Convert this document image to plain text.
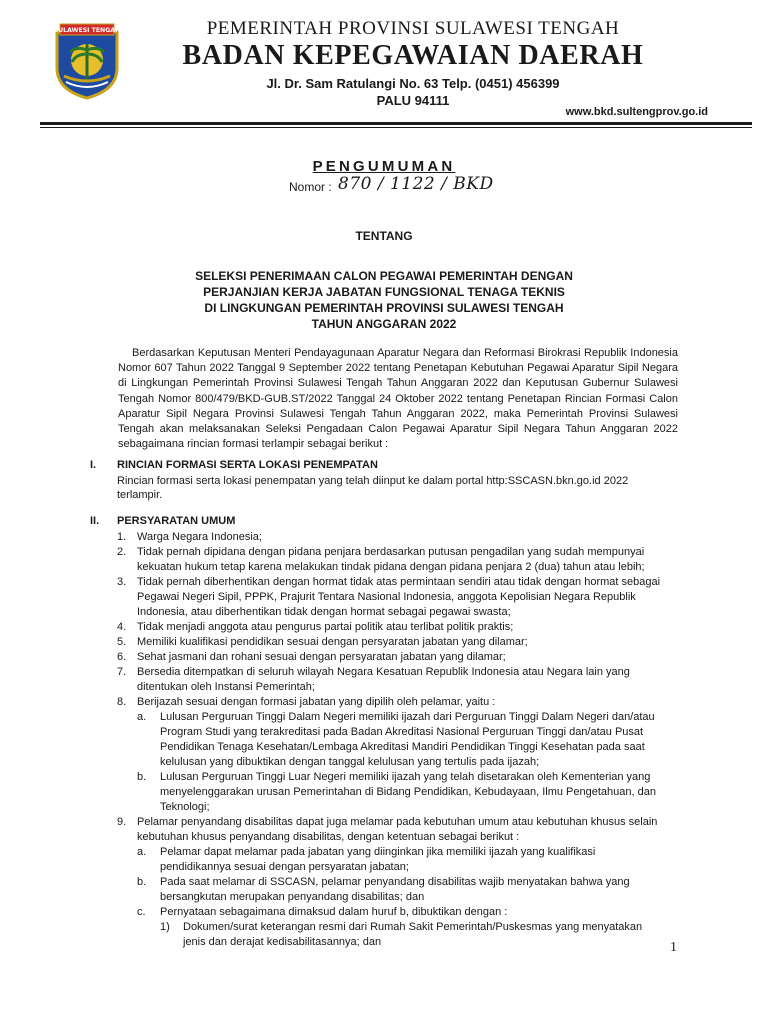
SULAWESI TENGAH	PEMERINTAH PROVINSI SULAWESI TENGAH
BADAN KEPEGAWAIAN DAERAH
Jl. Dr. Sam Ratulangi No. 63 Telp. (0451) 456399
PALU 94111
www.bkd.sultengprov.go.id
PENGUMUMAN
Nomor : 870 / 1122 / BKD
TENTANG
SELEKSI PENERIMAAN CALON PEGAWAI PEMERINTAH DENGAN
PERJANJIAN KERJA JABATAN FUNGSIONAL TENAGA TEKNIS
DI LINGKUNGAN PEMERINTAH PROVINSI SULAWESI TENGAH
TAHUN ANGGARAN 2022
Berdasarkan Keputusan Menteri Pendayagunaan Aparatur Negara dan Reformasi Birokrasi Republik Indonesia Nomor 607 Tahun 2022 Tanggal 9 September 2022 tentang Penetapan Kebutuhan Pegawai Aparatur Sipil Negara di Lingkungan Pemerintah Provinsi Sulawesi Tengah Tahun Anggaran 2022 dan Keputusan Gubernur Sulawesi Tengah Nomor 800/479/BKD-GUB.ST/2022 Tanggal 24 Oktober 2022 tentang Penetapan Rincian Formasi Calon Aparatur Sipil Negara Provinsi Sulawesi Tengah Tahun Anggaran 2022, maka Pemerintah Provinsi Sulawesi Tengah akan melaksanakan Seleksi Pengadaan Calon Pegawai Aparatur Sipil Negara Tahun Anggaran 2022 sebagaimana rincian formasi terlampir sebagai berikut :
I. RINCIAN FORMASI SERTA LOKASI PENEMPATAN
Rincian formasi serta lokasi penempatan yang telah diinput ke dalam portal http:SSCASN.bkn.go.id 2022
terlampir.
II. PERSYARATAN UMUM
1. Warga Negara Indonesia;
2. Tidak pernah dipidana dengan pidana penjara berdasarkan putusan pengadilan yang sudah mempunyai
kekuatan hukum tetap karena melakukan tindak pidana dengan pidana penjara 2 (dua) tahun atau lebih;
3. Tidak pernah diberhentikan dengan hormat tidak atas permintaan sendiri atau tidak dengan hormat sebagai
Pegawai Negeri Sipil, PPPK, Prajurit Tentara Nasional Indonesia, anggota Kepolisian Negara Republik
Indonesia, atau diberhentikan tidak dengan hormat sebagai pegawai swasta;
4. Tidak menjadi anggota atau pengurus partai politik atau terlibat politik praktis;
5. Memiliki kualifikasi pendidikan sesuai dengan persyaratan jabatan yang dilamar;
6. Sehat jasmani dan rohani sesuai dengan persyaratan jabatan yang dilamar;
7. Bersedia ditempatkan di seluruh wilayah Negara Kesatuan Republik Indonesia atau Negara lain yang
ditentukan oleh Instansi Pemerintah;
8. Berijazah sesuai dengan formasi jabatan yang dipilih oleh pelamar, yaitu :
a. Lulusan Perguruan Tinggi Dalam Negeri memiliki ijazah dari Perguruan Tinggi Dalam Negeri dan/atau
Program Studi yang terakreditasi pada Badan Akreditasi Nasional Perguruan Tinggi dan/atau Pusat
Pendidikan Tenaga Kesehatan/Lembaga Akreditasi Mandiri Pendidikan Tinggi Kesehatan pada saat
kelulusan yang dibuktikan dengan tanggal kelulusan yang tertulis pada ijazah;
b. Lulusan Perguruan Tinggi Luar Negeri memiliki ijazah yang telah disetarakan oleh Kementerian yang
menyelenggarakan urusan Pemerintahan di Bidang Pendidikan, Kebudayaan, Ilmu Pengetahuan, dan
Teknologi;
9. Pelamar penyandang disabilitas dapat juga melamar pada kebutuhan umum atau kebutuhan khusus selain
kebutuhan khusus penyandang disabilitas, dengan ketentuan sebagai berikut :
a. Pelamar dapat melamar pada jabatan yang diinginkan jika memiliki ijazah yang kualifikasi
pendidikannya sesuai dengan persyaratan jabatan;
b. Pada saat melamar di SSCASN, pelamar penyandang disabilitas wajib menyatakan bahwa yang
bersangkutan merupakan penyandang disabilitas; dan
c. Pernyataan sebagaimana dimaksud dalam huruf b, dibuktikan dengan :
1) Dokumen/surat keterangan resmi dari Rumah Sakit Pemerintah/Puskesmas yang menyatakan
jenis dan derajat kedisabilitasannya; dan	1
